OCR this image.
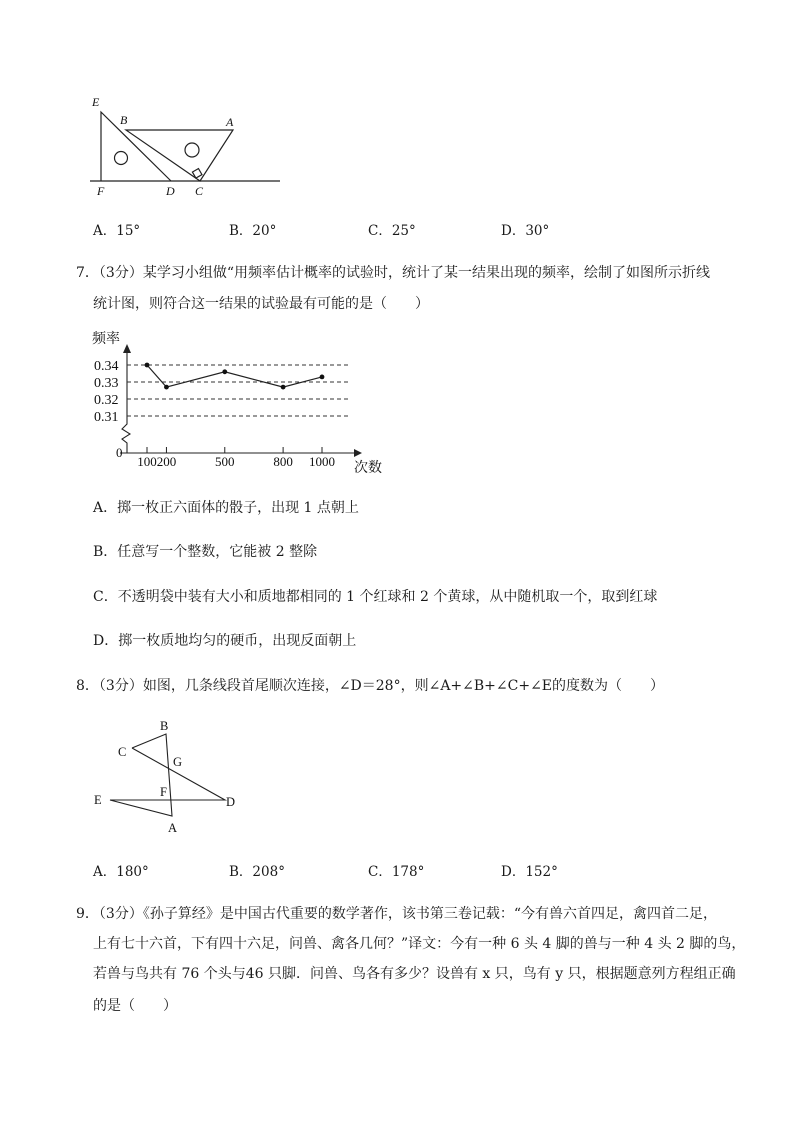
E
B	A
F	D C
A．15°	B．20°	C．25°	D．30°
7．（3分）某学习小组做“用频率估计概率的试验时，统计了某一结果出现的频率，绘制了如图所示折线
统计图，则符合这一结果的试验最有可能的是（　　）
0.34
0.33
0.32
0.31
100 200	500	800 1000
频率
次数
0
A．掷一枚正六面体的骰子，出现 1 点朝上
B．任意写一个整数，它能被 2 整除
C．不透明袋中装有大小和质地都相同的 1 个红球和 2 个黄球，从中随机取一个，取到红球
D．掷一枚质地均匀的硬币，出现反面朝上
8．（3分）如图，几条线段首尾顺次连接，∠D＝28°，则∠A+∠B+∠C+∠E的度数为（　　）
B
C
G
E
F
D
A
A．180°	B．208°	C．178°	D．152°
9．（3分）《孙子算经》是中国古代重要的数学著作，该书第三卷记载：“今有兽六首四足，禽四首二足，
上有七十六首，下有四十六足，问兽、禽各几何？”译文：今有一种 6 头 4 脚的兽与一种 4 头 2 脚的鸟，
若兽与鸟共有 76 个头与46 只脚．问兽、鸟各有多少？设兽有 x 只，鸟有 y 只，根据题意列方程组正确
的是（　　）
